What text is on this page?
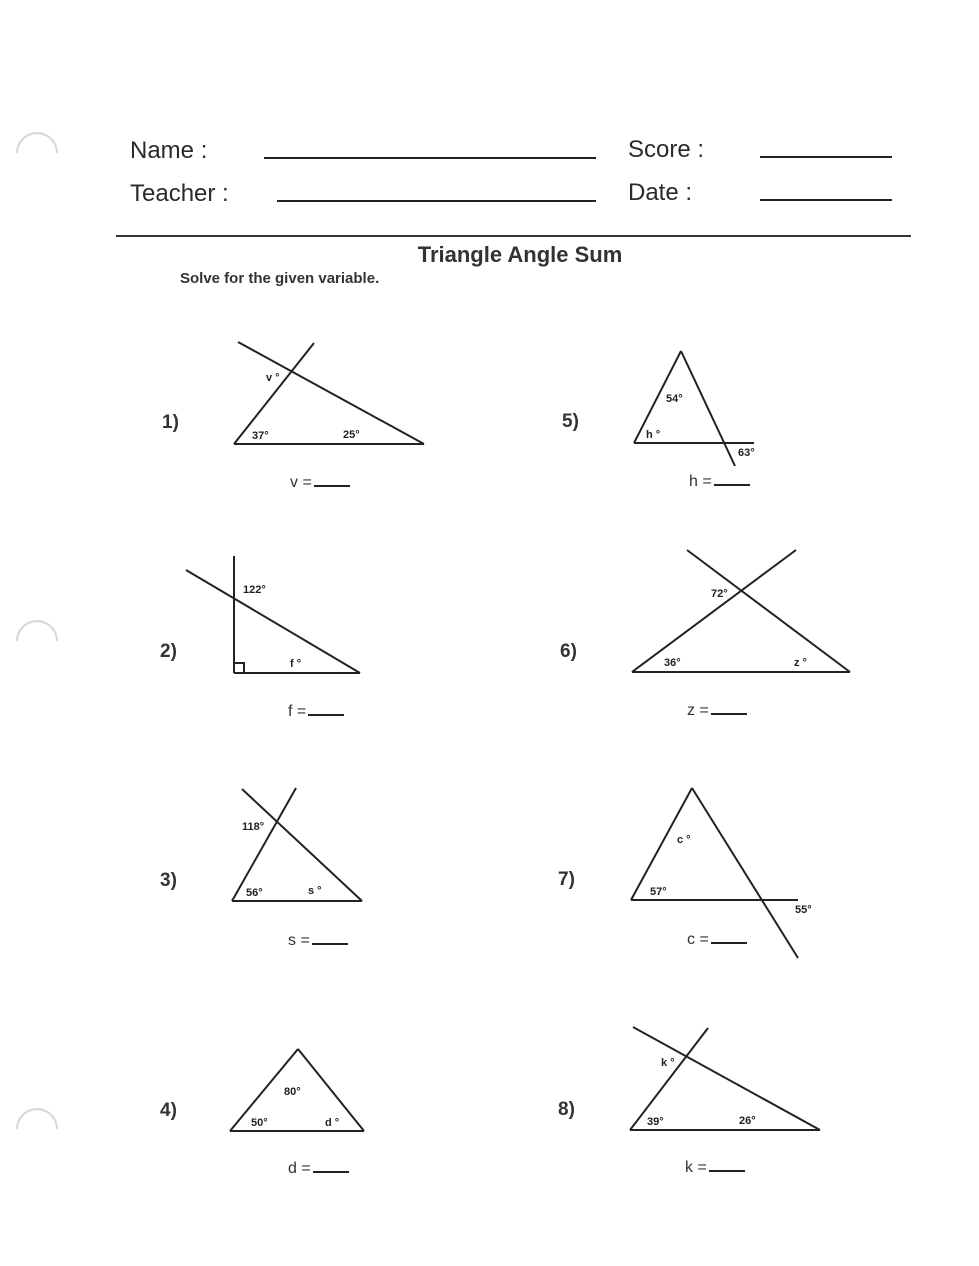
Name :
Teacher :
Score :
Date :
Triangle Angle Sum
Solve for the given variable.
1)
v °
37°	25°
v =
2)
122°
f °
f =
3)
118°
56°	s °
s =
4)
80°
50°	d °
d =
5)
54°
h °
63°
h =
6)
72°
36°	z °
z =
7)
c °
57°
55°
c =
8)
k °
39°	26°
k =
